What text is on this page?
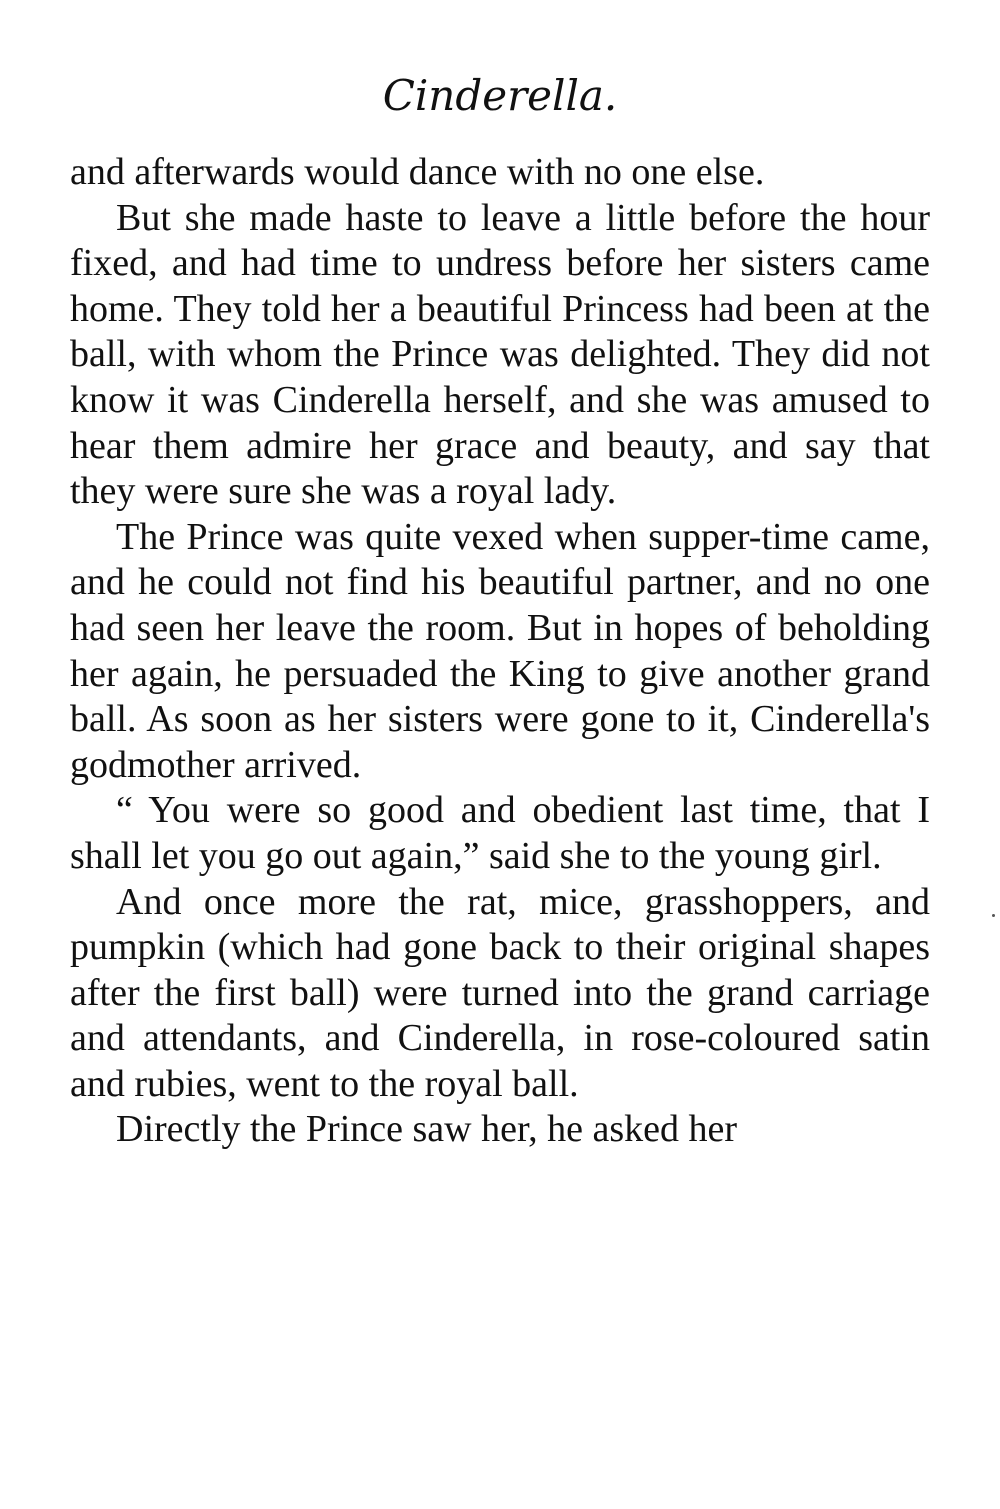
Cinderella.

and afterwards would dance with no one else.

But she made haste to leave a little before the hour fixed, and had time to undress before her sisters came home. They told her a beautiful Princess had been at the ball, with whom the Prince was delighted. They did not know it was Cinderella herself, and she was amused to hear them admire her grace and beauty, and say that they were sure she was a royal lady.

The Prince was quite vexed when supper-time came, and he could not find his beautiful partner, and no one had seen her leave the room. But in hopes of beholding her again, he persuaded the King to give another grand ball. As soon as her sisters were gone to it, Cinderella's godmother arrived.

“ You were so good and obedient last time, that I shall let you go out again,” said she to the young girl.

And once more the rat, mice, grasshoppers, and pumpkin (which had gone back to their original shapes after the first ball) were turned into the grand carriage and attendants, and Cinderella, in rose-coloured satin and rubies, went to the royal ball.

Directly the Prince saw her, he asked her
